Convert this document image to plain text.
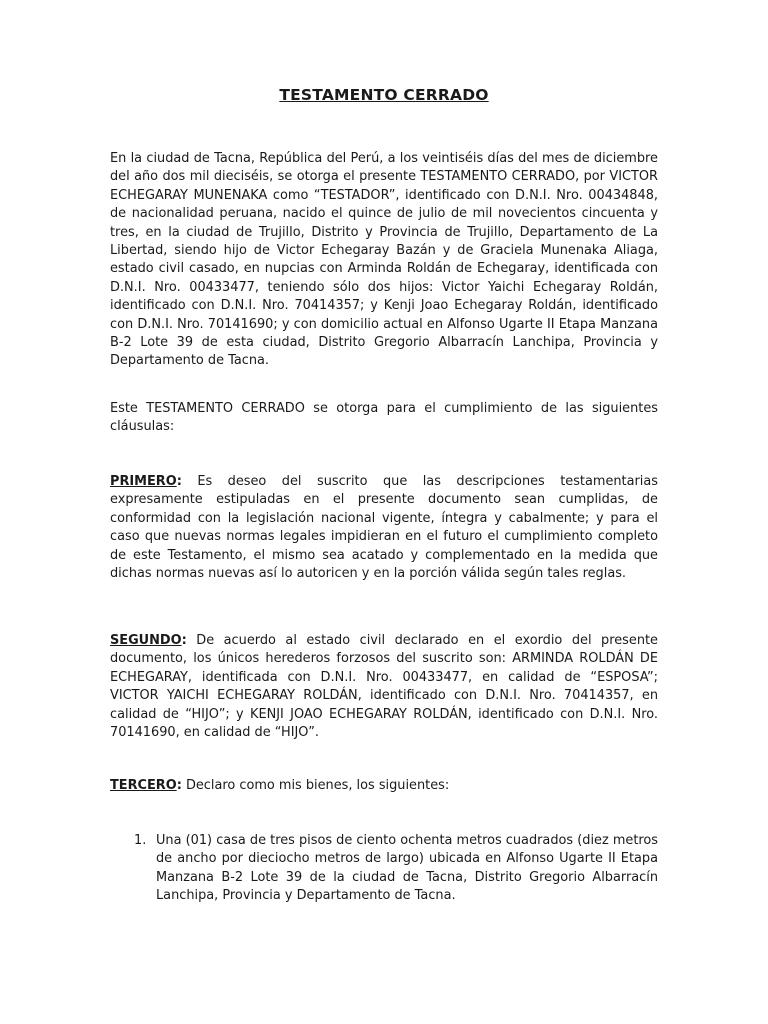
TESTAMENTO CERRADO

En la ciudad de Tacna, República del Perú, a los veintiséis días del mes de diciembre del año dos mil dieciséis, se otorga el presente TESTAMENTO CERRADO, por VICTOR ECHEGARAY MUNENAKA como “TESTADOR”, identificado con D.N.I. Nro. 00434848, de nacionalidad peruana, nacido el quince de julio de mil novecientos cincuenta y tres, en la ciudad de Trujillo, Distrito y Provincia de Trujillo, Departamento de La Libertad, siendo hijo de Victor Echegaray Bazán y de Graciela Munenaka Aliaga, estado civil casado, en nupcias con Arminda Roldán de Echegaray, identificada con D.N.I. Nro. 00433477, teniendo sólo dos hijos: Victor Yaichi Echegaray Roldán, identificado con D.N.I. Nro. 70414357; y Kenji Joao Echegaray Roldán, identificado con D.N.I. Nro. 70141690; y con domicilio actual en Alfonso Ugarte II Etapa Manzana B-2 Lote 39 de esta ciudad, Distrito Gregorio Albarracín Lanchipa, Provincia y Departamento de Tacna.

Este TESTAMENTO CERRADO se otorga para el cumplimiento de las siguientes cláusulas:

PRIMERO: Es deseo del suscrito que las descripciones testamentarias expresamente estipuladas en el presente documento sean cumplidas, de conformidad con la legislación nacional vigente, íntegra y cabalmente; y para el caso que nuevas normas legales impidieran en el futuro el cumplimiento completo de este Testamento, el mismo sea acatado y complementado en la medida que dichas normas nuevas así lo autoricen y en la porción válida según tales reglas.

SEGUNDO: De acuerdo al estado civil declarado en el exordio del presente documento, los únicos herederos forzosos del suscrito son: ARMINDA ROLDÁN DE ECHEGARAY, identificada con D.N.I. Nro. 00433477, en calidad de “ESPOSA”; VICTOR YAICHI ECHEGARAY ROLDÁN, identificado con D.N.I. Nro. 70414357, en calidad de “HIJO”; y KENJI JOAO ECHEGARAY ROLDÁN, identificado con D.N.I. Nro. 70141690, en calidad de “HIJO”.

TERCERO: Declaro como mis bienes, los siguientes:

1. Una (01) casa de tres pisos de ciento ochenta metros cuadrados (diez metros de ancho por dieciocho metros de largo) ubicada en Alfonso Ugarte II Etapa Manzana B-2 Lote 39 de la ciudad de Tacna, Distrito Gregorio Albarracín Lanchipa, Provincia y Departamento de Tacna.
